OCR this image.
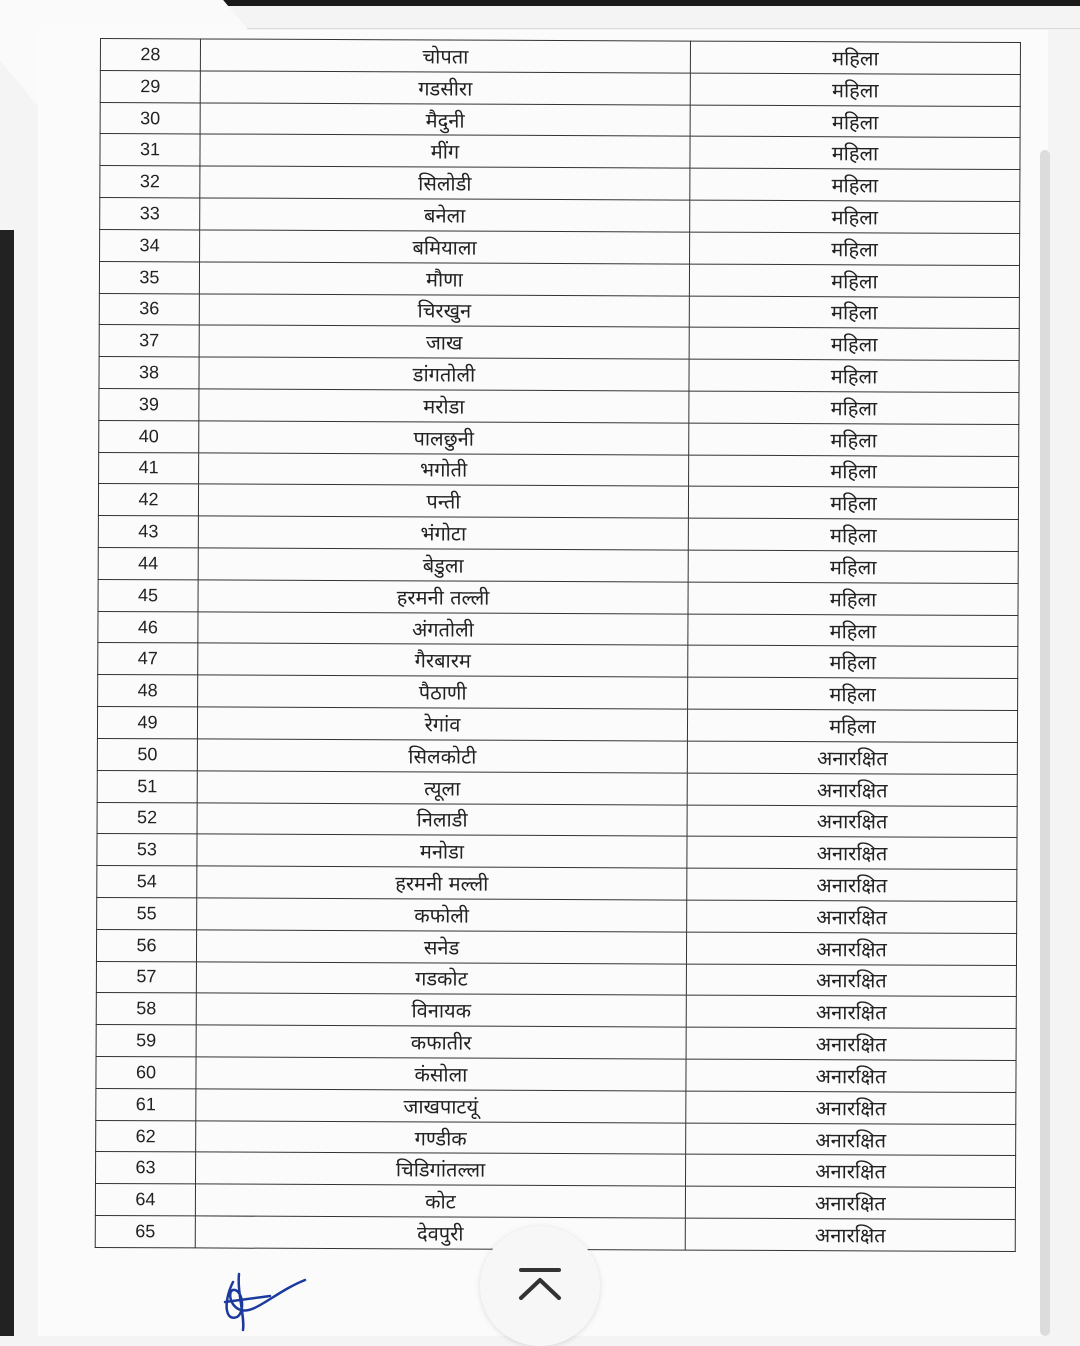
28	चोपता	महिला
29	गडसीरा	महिला
30	मैदुनी	महिला
31	मींग	महिला
32	सिलोडी	महिला
33	बनेला	महिला
34	बमियाला	महिला
35	मौणा	महिला
36	चिरखुन	महिला
37	जाख	महिला
38	डांगतोली	महिला
39	मरोडा	महिला
40	पालछुनी	महिला
41	भगोती	महिला
42	पन्ती	महिला
43	भंगोटा	महिला
44	बेडुला	महिला
45	हरमनी तल्ली	महिला
46	अंगतोली	महिला
47	गैरबारम	महिला
48	पैठाणी	महिला
49	रेगांव	महिला
50	सिलकोटी	अनारक्षित
51	त्यूला	अनारक्षित
52	निलाडी	अनारक्षित
53	मनोडा	अनारक्षित
54	हरमनी मल्ली	अनारक्षित
55	कफोली	अनारक्षित
56	सनेड	अनारक्षित
57	गडकोट	अनारक्षित
58	विनायक	अनारक्षित
59	कफातीर	अनारक्षित
60	कंसोला	अनारक्षित
61	जाखपाटयूं	अनारक्षित
62	गण्डीक	अनारक्षित
63	चिडिगांतल्ला	अनारक्षित
64	कोट	अनारक्षित
65	देवपुरी	अनारक्षित
